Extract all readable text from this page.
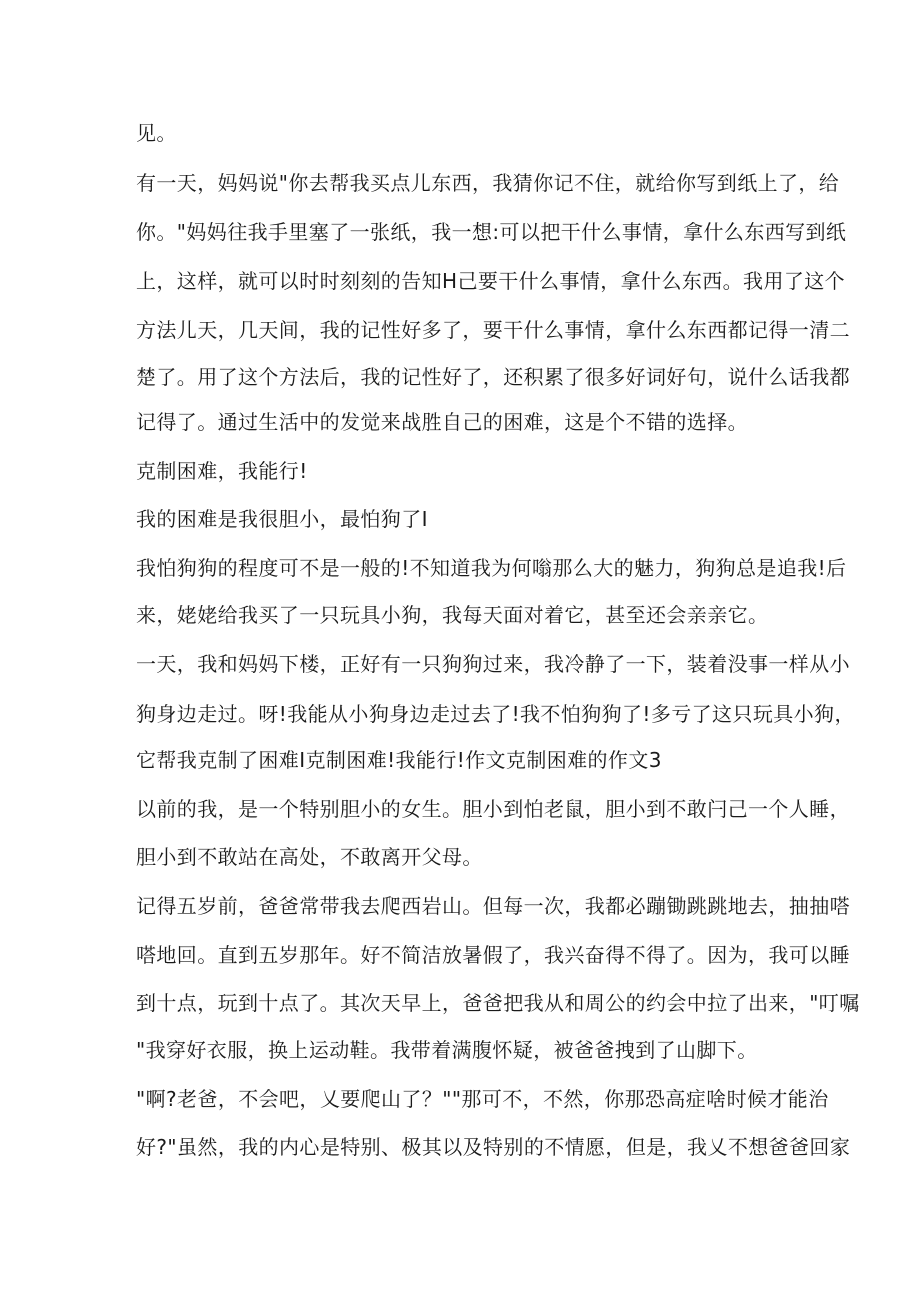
见。

有一天，妈妈说"你去帮我买点儿东西，我猜你记不住，就给你写到纸上了，给

你。"妈妈往我手里塞了一张纸，我一想:可以把干什么事情，拿什么东西写到纸

上，这样，就可以时时刻刻的告知H己要干什么事情，拿什么东西。我用了这个

方法儿天，几天间，我的记性好多了，要干什么事情，拿什么东西都记得一清二

楚了。用了这个方法后，我的记性好了，还积累了很多好词好句，说什么话我都

记得了。通过生活中的发觉来战胜自己的困难，这是个不错的选择。

克制困难，我能行!

我的困难是我很胆小，最怕狗了I

我怕狗狗的程度可不是一般的!不知道我为何嗡那么大的魅力，狗狗总是追我!后

来，姥姥给我买了一只玩具小狗，我每天面对着它，甚至还会亲亲它。

一天，我和妈妈下楼，正好有一只狗狗过来，我冷静了一下，装着没事一样从小

狗身边走过。呀!我能从小狗身边走过去了!我不怕狗狗了!多亏了这只玩具小狗，

它帮我克制了困难I克制困难!我能行!作文克制困难的作文3

以前的我，是一个特别胆小的女生。胆小到怕老鼠，胆小到不敢闩己一个人睡，

胆小到不敢站在高处，不敢离开父母。

记得五岁前，爸爸常带我去爬西岩山。但每一次，我都必蹦锄跳跳地去，抽抽嗒

嗒地回。直到五岁那年。好不简洁放暑假了，我兴奋得不得了。因为，我可以睡

到十点，玩到十点了。其次天早上，爸爸把我从和周公的约会中拉了出来，"叮嘱

"我穿好衣服，换上运动鞋。我带着满腹怀疑，被爸爸拽到了山脚下。

"啊?老爸，不会吧，乂要爬山了？""那可不，不然，你那恐高症啥时候才能治

好?"虽然，我的内心是特别、极其以及特别的不情愿，但是，我乂不想爸爸回家
